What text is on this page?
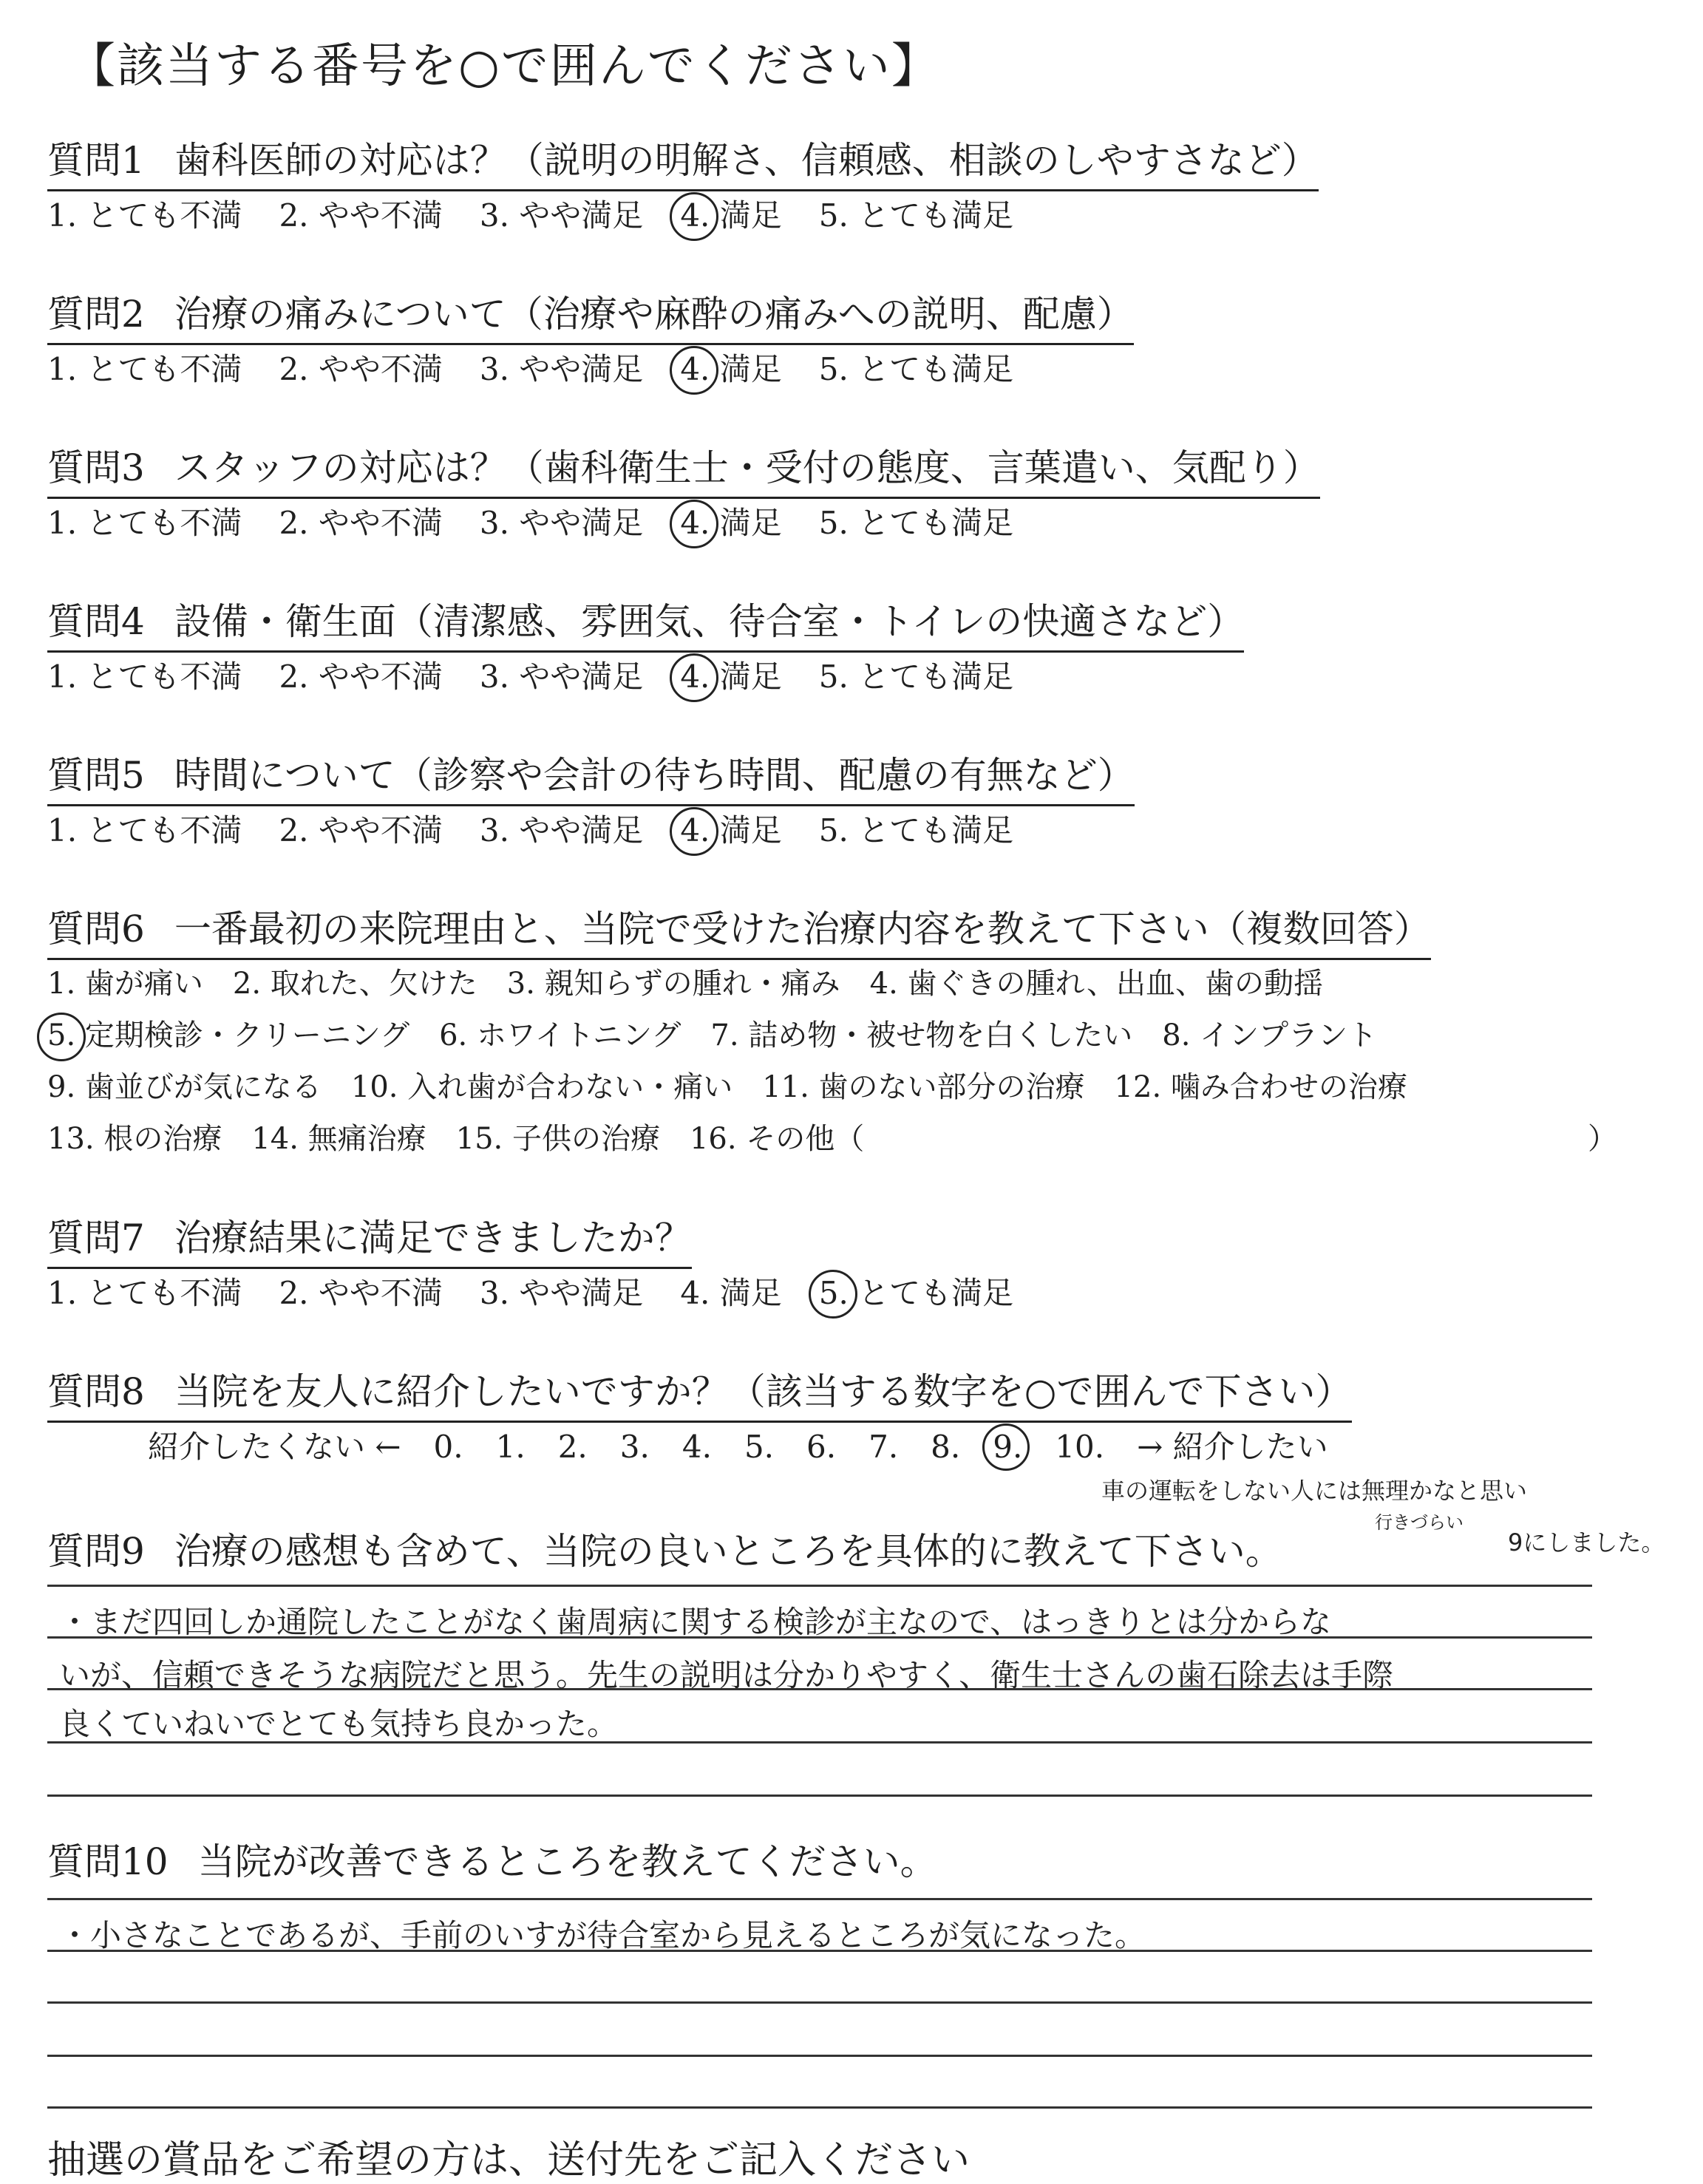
【該当する番号を○で囲んでください】
質問1 歯科医師の対応は？（説明の明解さ、信頼感、相談のしやすさなど）
1. とても不満 2. やや不満 3. やや満足 4. 満足 5. とても満足
質問2 治療の痛みについて（治療や麻酔の痛みへの説明、配慮）
1. とても不満 2. やや不満 3. やや満足 4. 満足 5. とても満足
質問3 スタッフの対応は？（歯科衛生士・受付の態度、言葉遣い、気配り）
1. とても不満 2. やや不満 3. やや満足 4. 満足 5. とても満足
質問4 設備・衛生面（清潔感、雰囲気、待合室・トイレの快適さなど）
1. とても不満 2. やや不満 3. やや満足 4. 満足 5. とても満足
質問5 時間について（診察や会計の待ち時間、配慮の有無など）
1. とても不満 2. やや不満 3. やや満足 4. 満足 5. とても満足
質問6 一番最初の来院理由と、当院で受けた治療内容を教えて下さい（複数回答）
1. 歯が痛い 2. 取れた、欠けた 3. 親知らずの腫れ・痛み 4. 歯ぐきの腫れ、出血、歯の動揺
5. 定期検診・クリーニング 6. ホワイトニング 7. 詰め物・被せ物を白くしたい 8. インプラント
9. 歯並びが気になる 10. 入れ歯が合わない・痛い 11. 歯のない部分の治療 12. 噛み合わせの治療
13. 根の治療 14. 無痛治療 15. 子供の治療 16. その他（	）
質問7 治療結果に満足できましたか？
1. とても不満 2. やや不満 3. やや満足 4. 満足 5. とても満足
質問8 当院を友人に紹介したいですか？（該当する数字を○で囲んで下さい）
紹介したくない ← 0. 1. 2. 3. 4. 5. 6. 7. 8. 9. 10. → 紹介したい
車の運転をしない人には無理かなと思い
行きづらい
9にしました。
質問9 治療の感想も含めて、当院の良いところを具体的に教えて下さい。
・まだ四回しか通院したことがなく歯周病に関する検診が主なので、はっきりとは分からな
いが、信頼できそうな病院だと思う。先生の説明は分かりやすく、衛生士さんの歯石除去は手際
良くていねいでとても気持ち良かった。
質問10 当院が改善できるところを教えてください。
・小さなことであるが、手前のいすが待合室から見えるところが気になった。
抽選の賞品をご希望の方は、送付先をご記入ください
